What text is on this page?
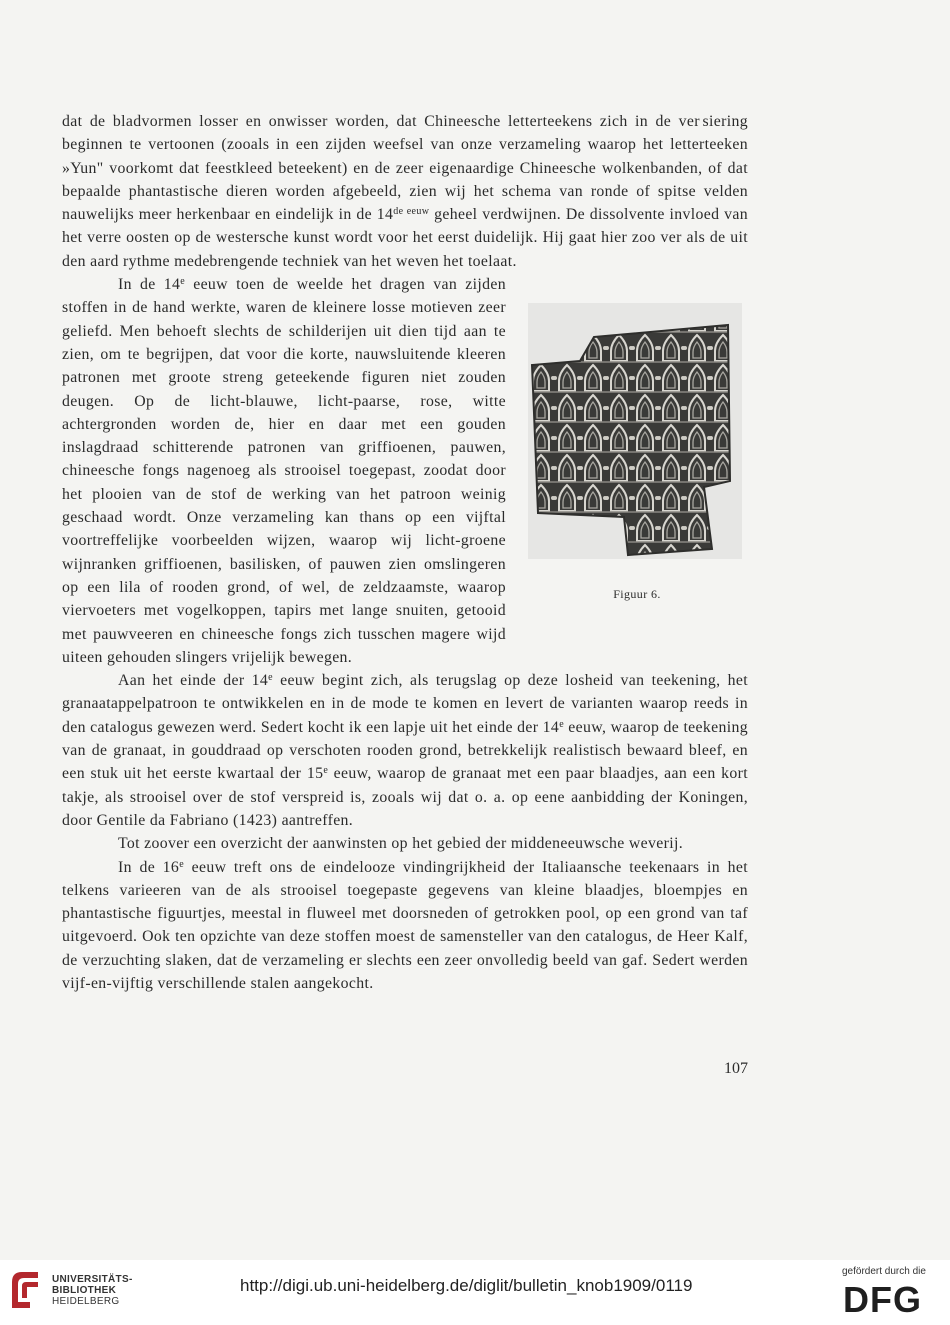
dat de bladvormen losser en onwisser worden, dat Chineesche letterteekens zich in de ver siering beginnen te vertoonen (zooals in een zijden weefsel van onze verzameling waarop het letterteeken »Yun" voorkomt dat feestkleed beteekent) en de zeer eigenaardige Chineesche wolkenbanden, of dat bepaalde phantastische dieren worden afgebeeld, zien wij het schema van ronde of spitse velden nauwelijks meer herkenbaar en eindelijk in de $14^{de eeuw}$ geheel verdwijnen. De dissolvente invloed van het verre oosten op de westersche kunst wordt voor het eerst duidelijk. Hij gaat hier zoo ver als de uit den aard rythme mede brengende techniek van het weven het toelaat.

Figuur 6.
In de 14e eeuw toen de weelde het dragen van zijden stoffen in de hand werkte, waren de kleinere losse motieven zeer geliefd. Men behoeft slechts de schilderijen uit dien tijd aan te zien, om te begrijpen, dat voor die korte, nauwsluitende kleeren patronen met groote streng geteekende figuren niet zouden deugen. Op de licht-blauwe, licht-paarse, rose, witte achtergronden worden de, hier en daar met een gouden inslagdraad schitterende patronen van griffioenen, pauwen, chineesche fongs nagenoeg als strooisel toegepast, zoodat door het plooien van de stof de werking van het patroon weinig geschaad wordt. Onze verzameling kan thans op een vijftal voortreffelijke voorbeelden wijzen, waarop wij licht-groene wijnranken griffioenen, basilisken, of pauwen zien omslingeren op een lila of rooden grond, of wel, de zeldzaamste, waarop viervoeters met vogelkoppen, tapirs met lange snuiten, getooid met pauwveeren en chineesche fongs zich tusschen magere wijd uiteen gehouden slingers vrijelijk bewegen.

Aan het einde der 14e eeuw begint zich, als terugslag op deze losheid van teekening, het granaatappelpatroon te ontwikkelen en in de mode te komen en levert de varianten waarop reeds in den catalogus gewezen werd. Sedert kocht ik een lapje uit het einde der 14e eeuw, waarop de teekening van de granaat, in gouddraad op verschoten rooden grond, betrekkelijk realistisch bewaard bleef, en een stuk uit het eerste kwartaal der 15e eeuw, waarop de granaat met een paar blaadjes, aan een kort takje, als strooisel over de stof verspreid is, zooals wij dat o. a. op eene aanbidding der Koningen, door Gentile da Fabriano (1423) aantreffen.

Tot zoover een overzicht der aanwinsten op het gebied der middeneeuwsche weverij.

In de 16e eeuw treft ons de eindelooze vindingrijkheid der Italiaansche teekenaars in het telkens varieeren van de als strooisel toegepaste gegevens van kleine blaadjes, bloempjes en phantastische figuurtjes, meestal in fluweel met doorsneden of getrokken pool, op een grond van taf uitgevoerd. Ook ten opzichte van deze stoffen moest de samensteller van den catalogus, de Heer Kalf, de verzuchting slaken, dat de verzameling er slechts een zeer onvolledig beeld van gaf. Sedert werden vijf-en-vijftig verschillende stalen aangekocht.

107
UNIVERSITÄTS-
BIBLIOTHEK
HEIDELBERG
http://digi.ub.uni-heidelberg.de/diglit/bulletin_knob1909/0119
gefördert durch die
DFG
